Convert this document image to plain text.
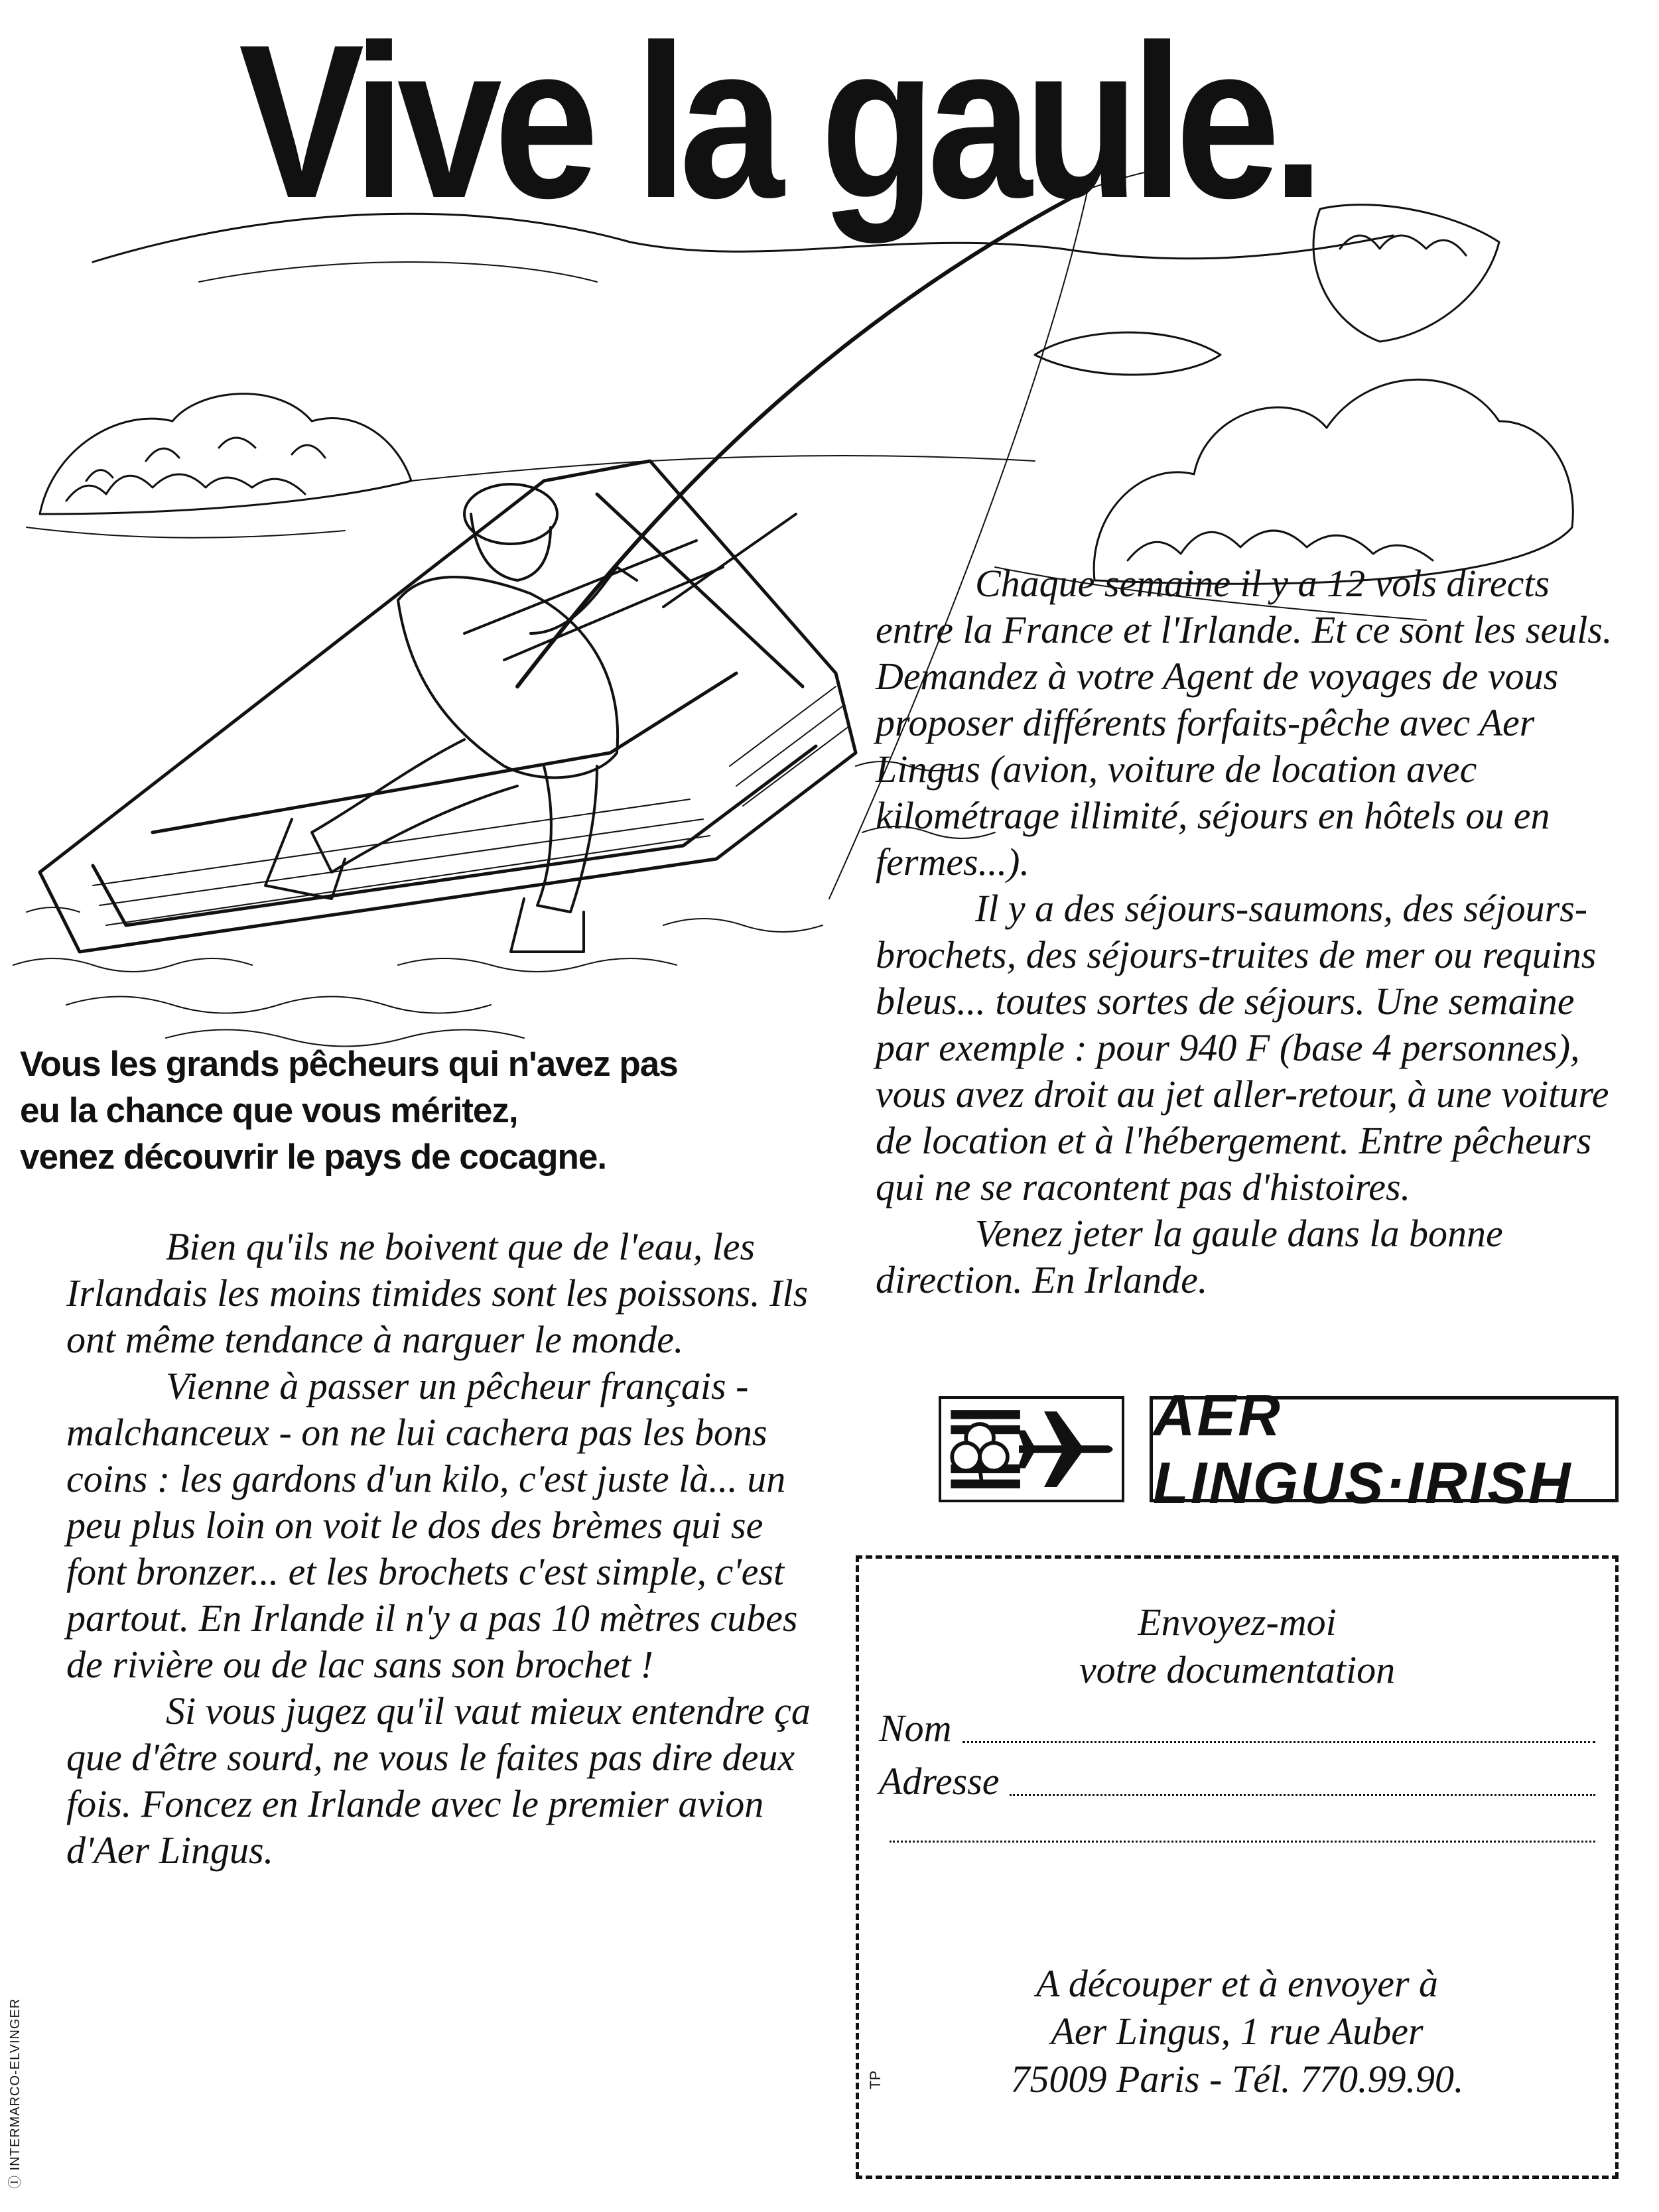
Vive la gaule.
Vous les grands pêcheurs qui n'avez pas
eu la chance que vous méritez,
venez découvrir le pays de cocagne.

Bien qu'ils ne boivent que de l'eau, les Irlandais les moins timides sont les poissons. Ils ont même tendance à narguer le monde.

Vienne à passer un pêcheur français - malchanceux - on ne lui cachera pas les bons coins : les gardons d'un kilo, c'est juste là... un peu plus loin on voit le dos des brèmes qui se font bronzer... et les brochets c'est simple, c'est partout. En Irlande il n'y a pas 10 mètres cubes de rivière ou de lac sans son brochet !

Si vous jugez qu'il vaut mieux entendre ça que d'être sourd, ne vous le faites pas dire deux fois. Foncez en Irlande avec le premier avion d'Aer Lingus.

Chaque semaine il y a 12 vols directs entre la France et l'Irlande. Et ce sont les seuls. Demandez à votre Agent de voyages de vous proposer différents forfaits-pêche avec Aer Lingus (avion, voiture de location avec kilométrage illimité, séjours en hôtels ou en fermes...).

Il y a des séjours-saumons, des séjours-brochets, des séjours-truites de mer ou requins bleus... toutes sortes de séjours. Une semaine par exemple : pour 940 F (base 4 personnes), vous avez droit au jet aller-retour, à une voiture de location et à l'hébergement. Entre pêcheurs qui ne se racontent pas d'histoires.

Venez jeter la gaule dans la bonne direction. En Irlande.

AER LINGUS·IRISH
Envoyez-moi
votre documentation
Nom
Adresse
A découper et à envoyer à
Aer Lingus, 1 rue Auber
75009 Paris - Tél. 770.99.90.
TP
Ⓘ INTERMARCO-ELVINGER
